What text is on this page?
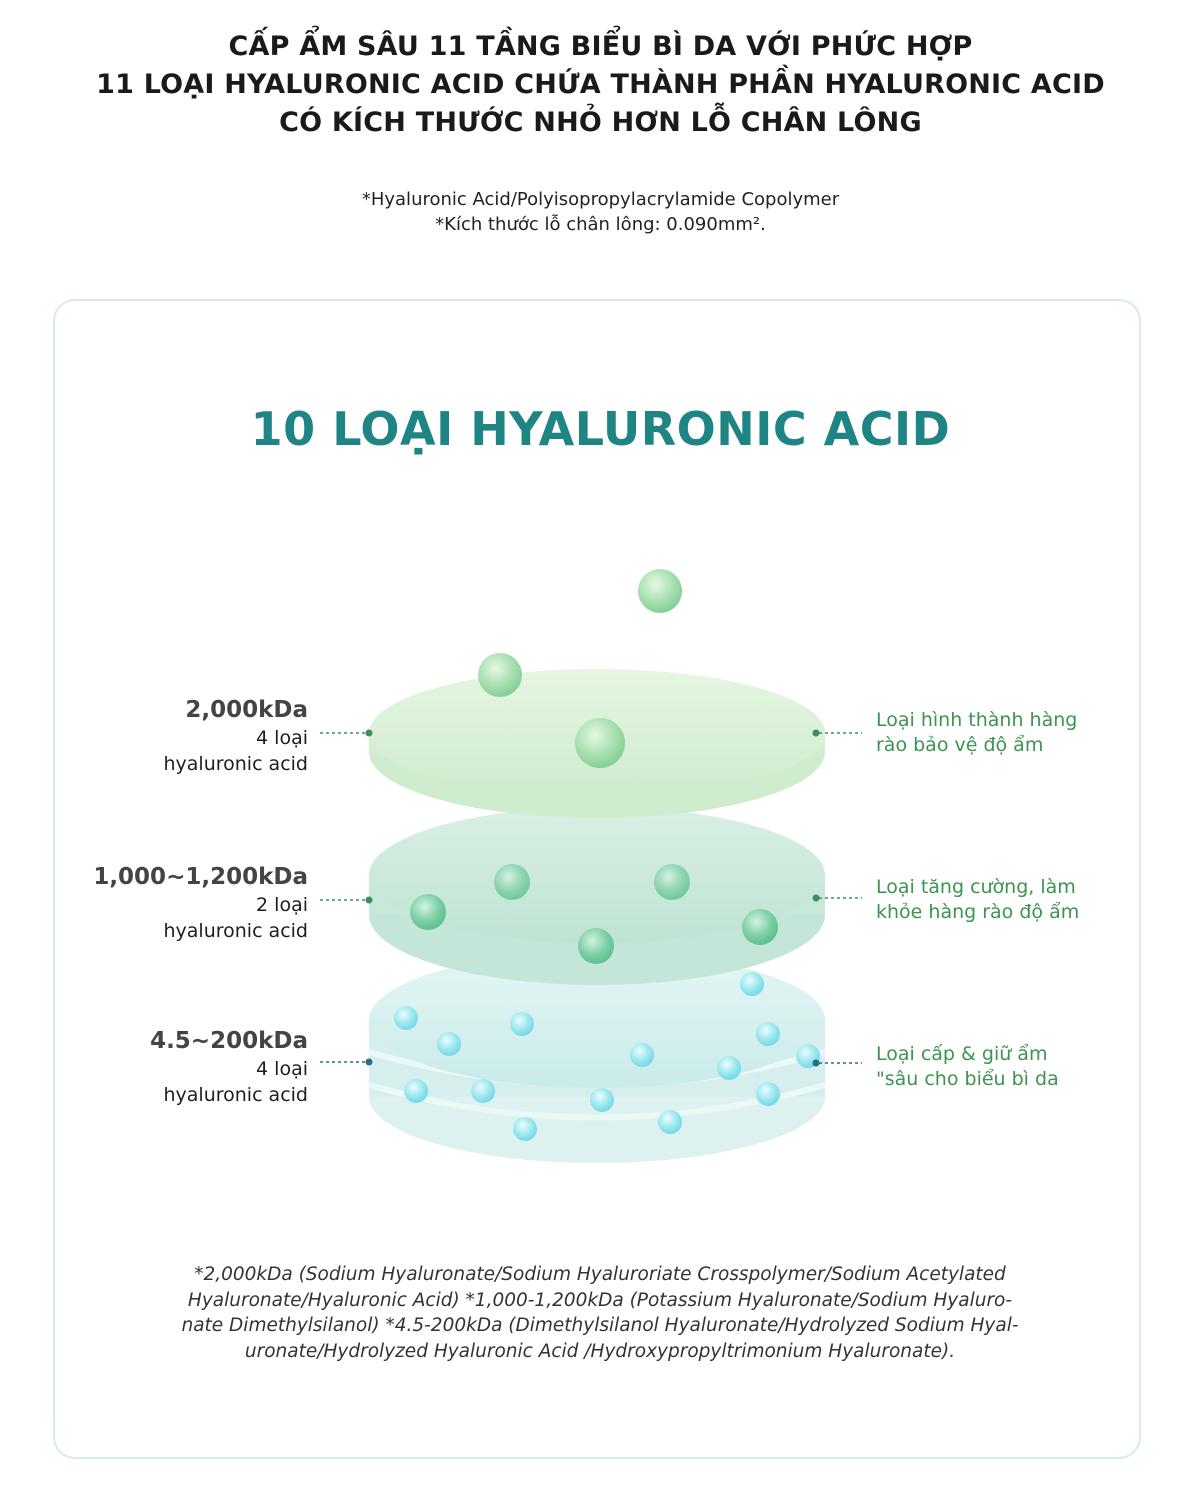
CẤP ẨM SÂU 11 TẦNG BIỂU BÌ DA VỚI PHỨC HỢP
11 LOẠI HYALURONIC ACID CHỨA THÀNH PHẦN HYALURONIC ACID
CÓ KÍCH THƯỚC NHỎ HƠN LỖ CHÂN LÔNG
*Hyaluronic Acid/Polyisopropylacrylamide Copolymer
*Kích thước lỗ chân lông: 0.090mm².
10 LOẠI HYALURONIC ACID
2,000kDa
4 loại
hyaluronic acid
1,000~1,200kDa
2 loại
hyaluronic acid
4.5~200kDa
4 loại
hyaluronic acid
Loại hình thành hàng
rào bảo vệ độ ẩm
Loại tăng cường, làm
khỏe hàng rào độ ẩm
Loại cấp & giữ ẩm
"sâu cho biểu bì da
*2,000kDa (Sodium Hyaluronate/Sodium Hyaluroriate Crosspolymer/Sodium Acetylated
Hyaluronate/Hyaluronic Acid) *1,000-1,200kDa (Potassium Hyaluronate/Sodium Hyaluro-
nate Dimethylsilanol) *4.5-200kDa (Dimethylsilanol Hyaluronate/Hydrolyzed Sodium Hyal-
uronate/Hydrolyzed Hyaluronic Acid /Hydroxypropyltrimonium Hyaluronate).
